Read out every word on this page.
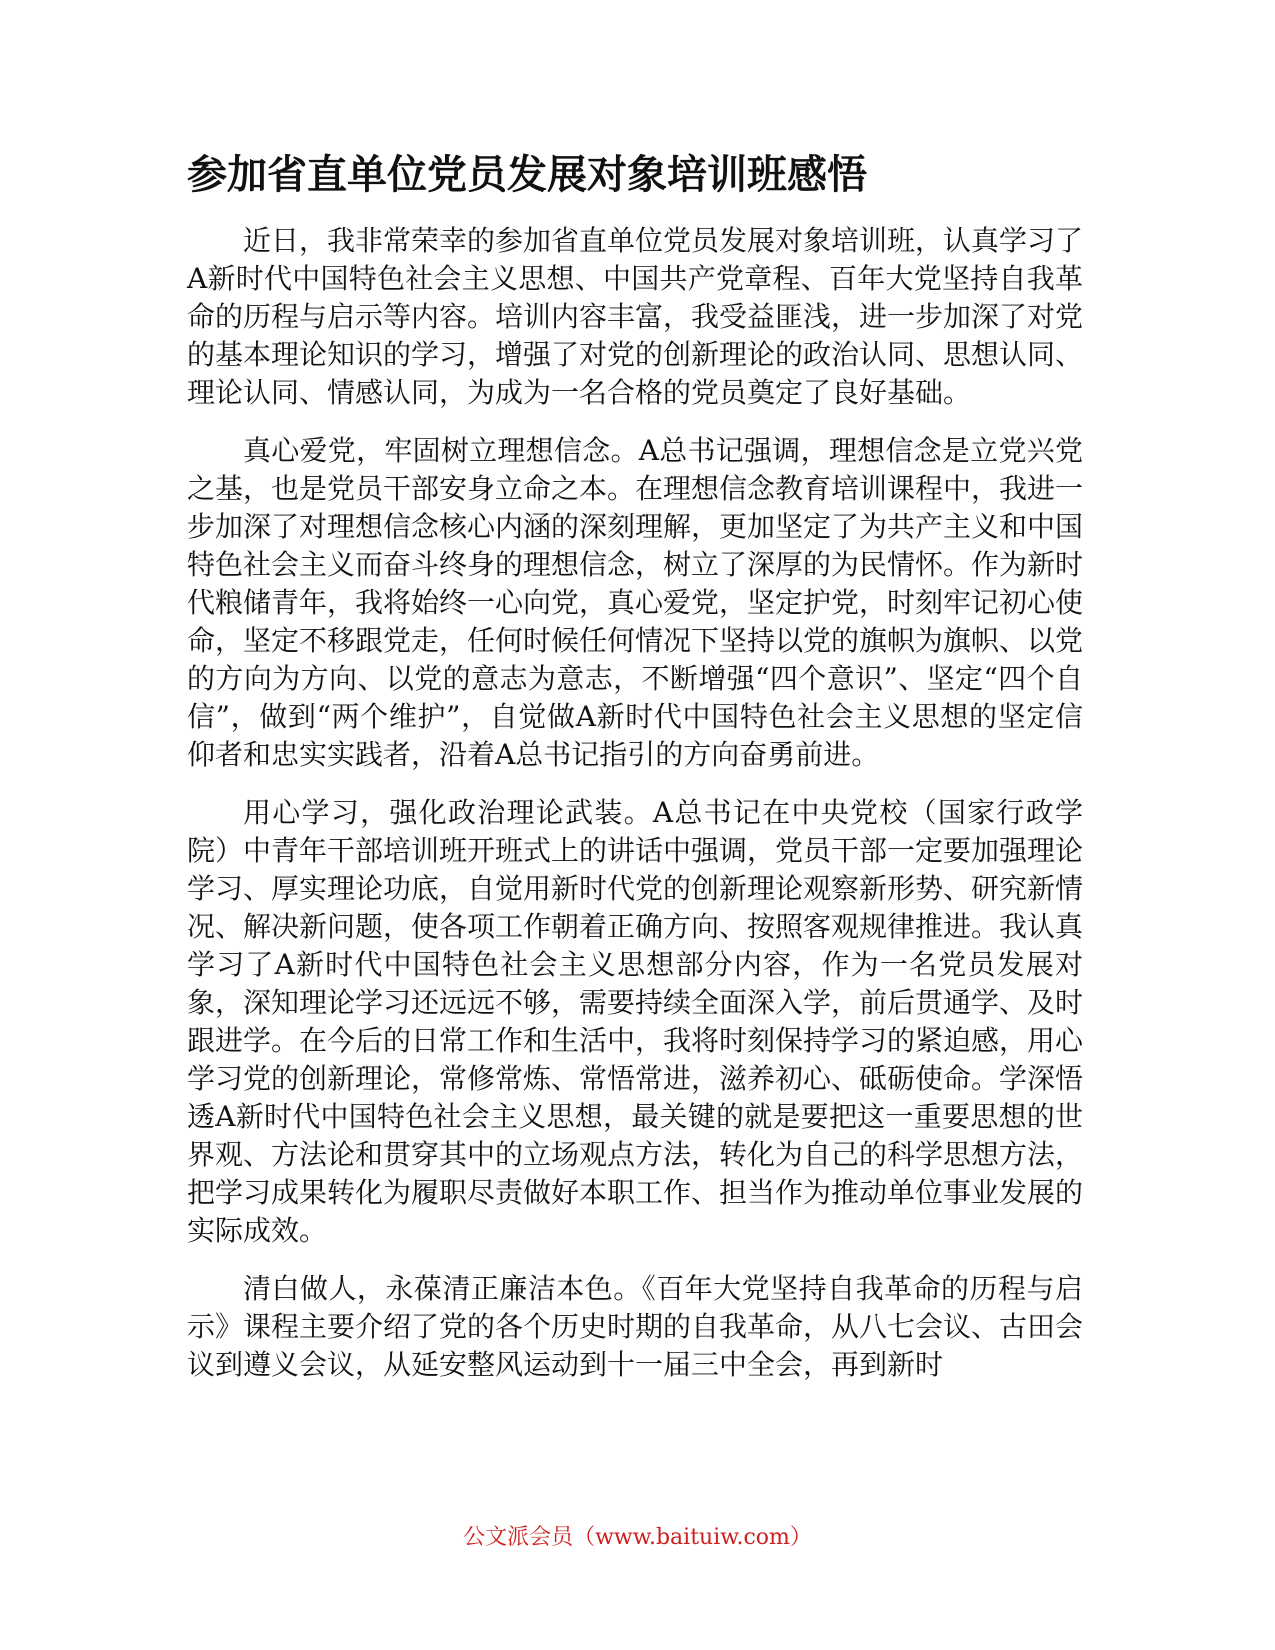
参加省直单位党员发展对象培训班感悟

近日，我非常荣幸的参加省直单位党员发展对象培训班，认真学习了A新时代中国特色社会主义思想、中国共产党章程、百年大党坚持自我革命的历程与启示等内容。培训内容丰富，我受益匪浅，进一步加深了对党的基本理论知识的学习，增强了对党的创新理论的政治认同、思想认同、理论认同、情感认同，为成为一名合格的党员奠定了良好基础。

真心爱党，牢固树立理想信念。A总书记强调，理想信念是立党兴党之基，也是党员干部安身立命之本。在理想信念教育培训课程中，我进一步加深了对理想信念核心内涵的深刻理解，更加坚定了为共产主义和中国特色社会主义而奋斗终身的理想信念，树立了深厚的为民情怀。作为新时代粮储青年，我将始终一心向党，真心爱党，坚定护党，时刻牢记初心使命，坚定不移跟党走，任何时候任何情况下坚持以党的旗帜为旗帜、以党的方向为方向、以党的意志为意志，不断增强“四个意识”、坚定“四个自信”，做到“两个维护”，自觉做A新时代中国特色社会主义思想的坚定信仰者和忠实实践者，沿着A总书记指引的方向奋勇前进。

用心学习，强化政治理论武装。A总书记在中央党校（国家行政学院）中青年干部培训班开班式上的讲话中强调，党员干部一定要加强理论学习、厚实理论功底，自觉用新时代党的创新理论观察新形势、研究新情况、解决新问题，使各项工作朝着正确方向、按照客观规律推进。我认真学习了A新时代中国特色社会主义思想部分内容，作为一名党员发展对象，深知理论学习还远远不够，需要持续全面深入学，前后贯通学、及时跟进学。在今后的日常工作和生活中，我将时刻保持学习的紧迫感，用心学习党的创新理论，常修常炼、常悟常进，滋养初心、砥砺使命。学深悟透A新时代中国特色社会主义思想，最关键的就是要把这一重要思想的世界观、方法论和贯穿其中的立场观点方法，转化为自己的科学思想方法，把学习成果转化为履职尽责做好本职工作、担当作为推动单位事业发展的实际成效。

清白做人，永葆清正廉洁本色。《百年大党坚持自我革命的历程与启示》课程主要介绍了党的各个历史时期的自我革命，从八七会议、古田会议到遵义会议，从延安整风运动到十一届三中全会，再到新时

公文派会员（www.baituiw.com）
